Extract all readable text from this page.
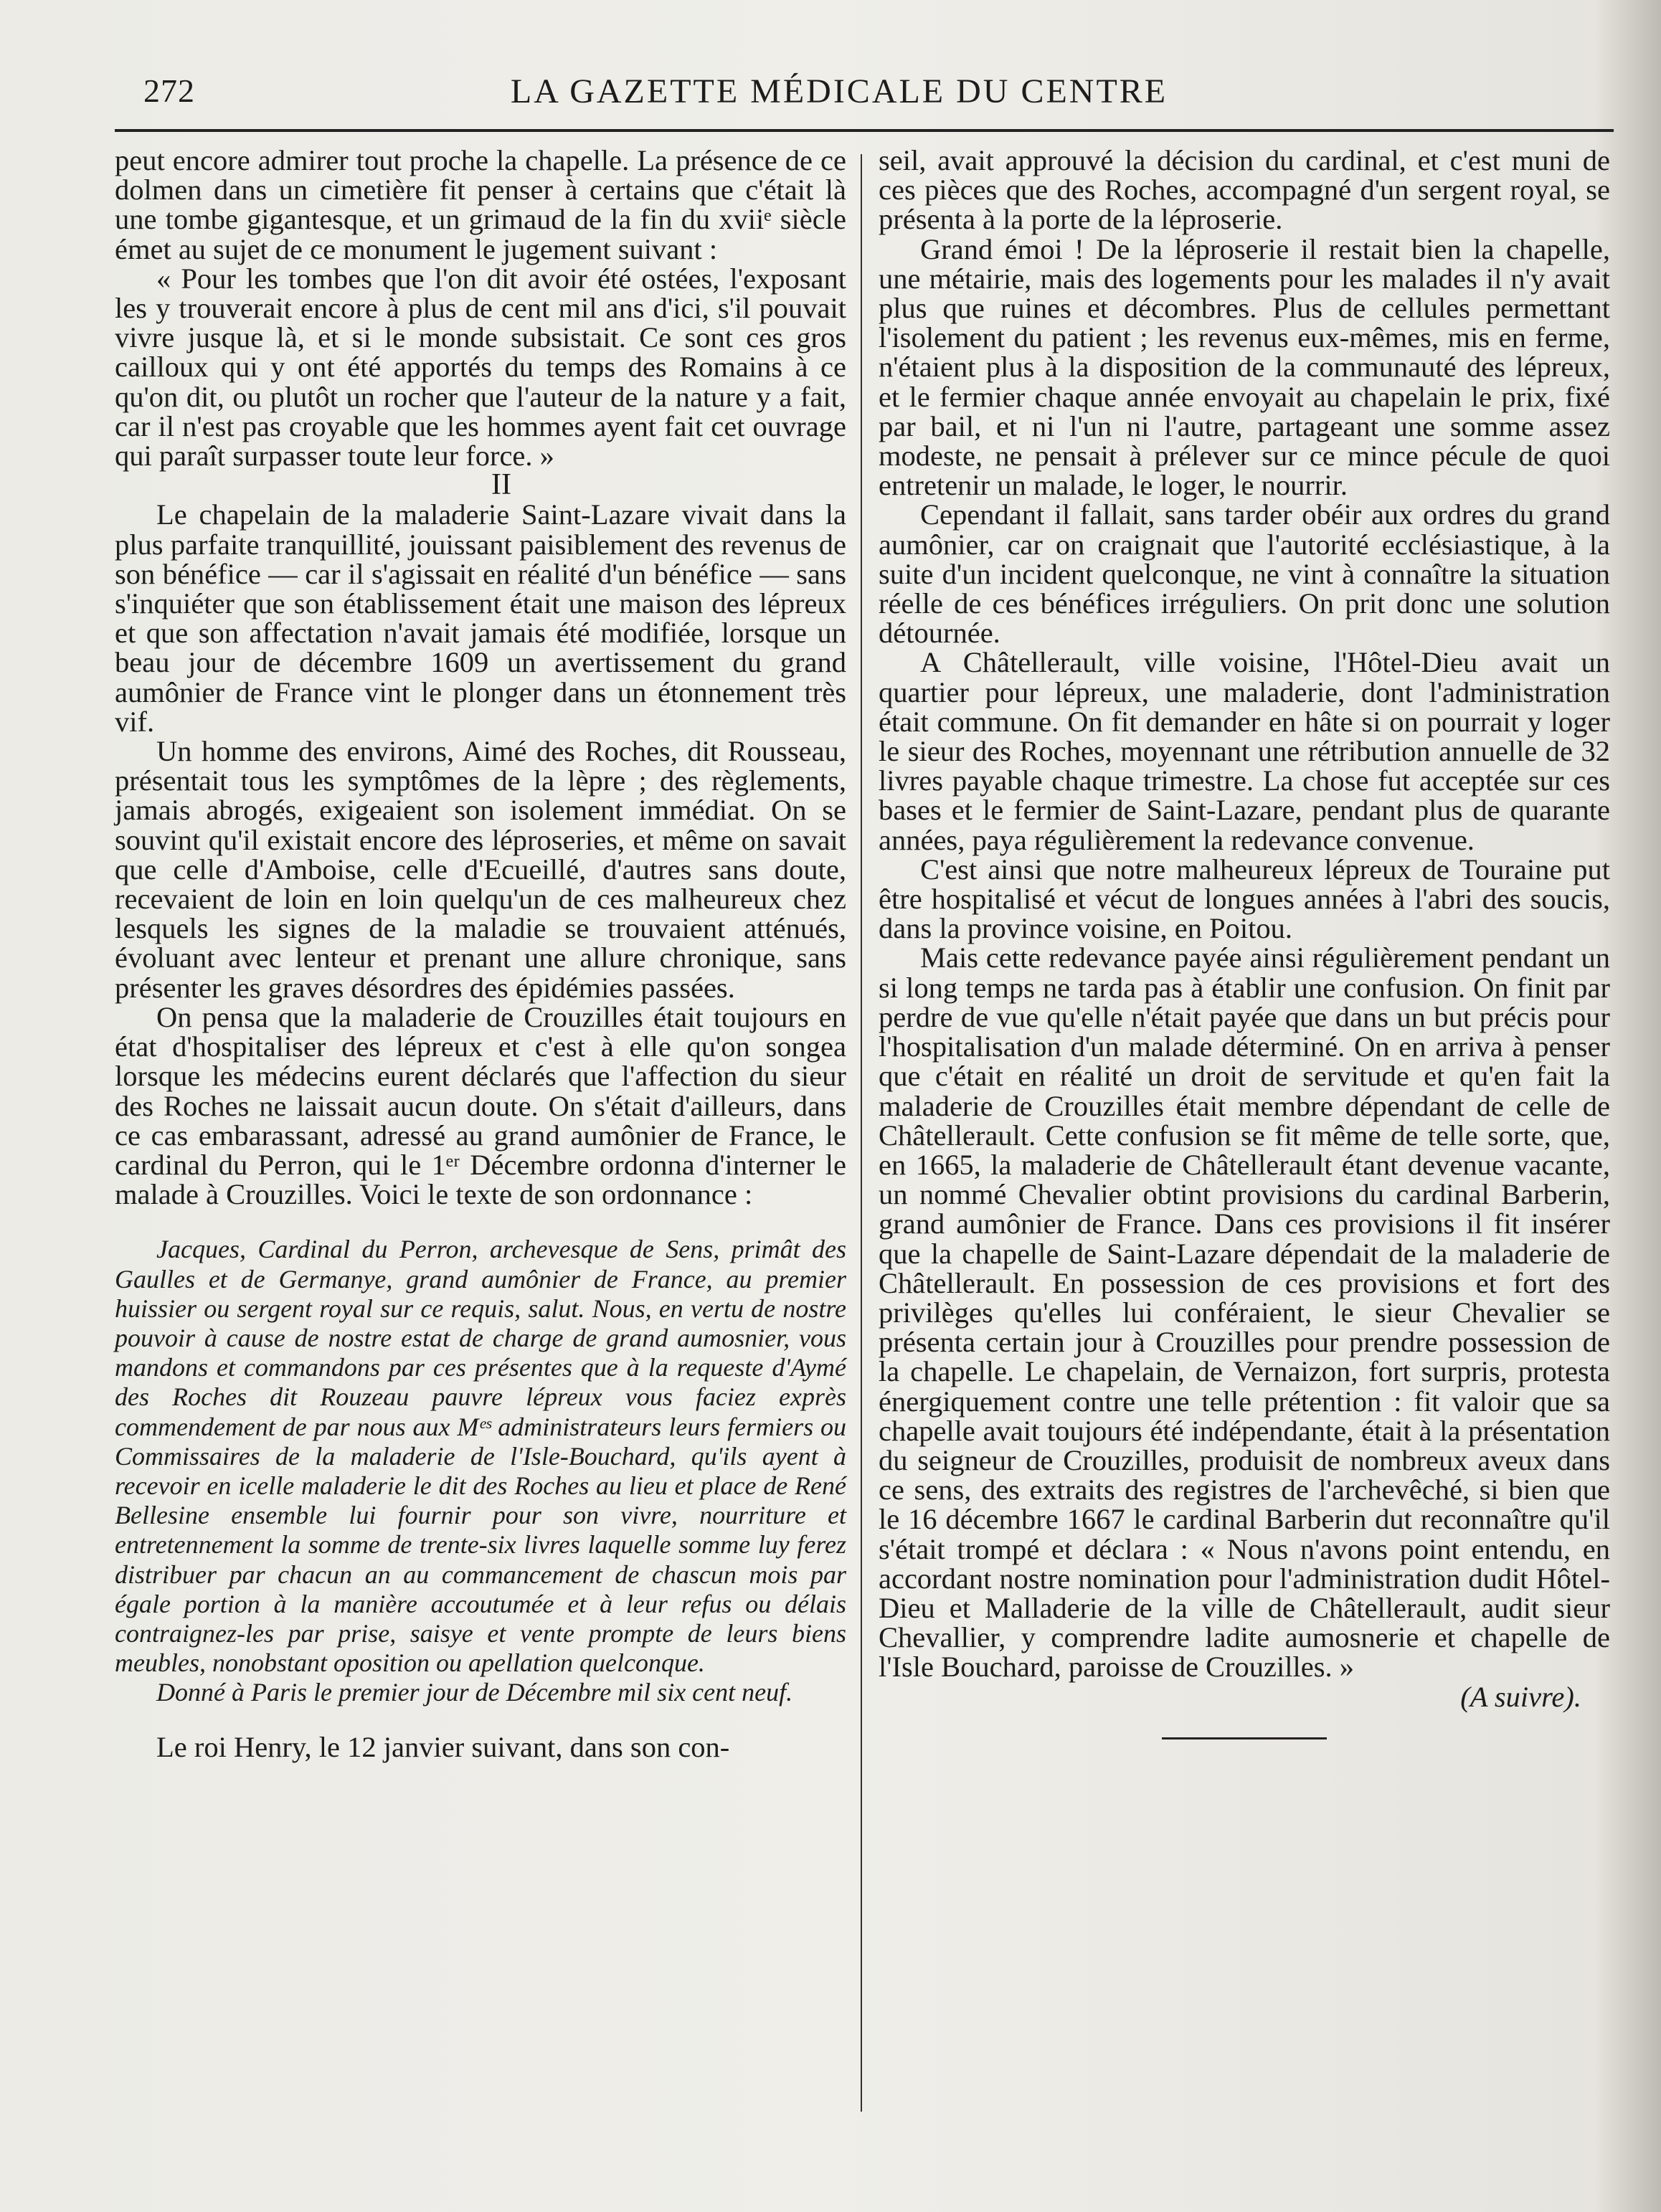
272	LA GAZETTE MÉDICALE DU CENTRE

peut encore admirer tout proche la chapelle. La présence de ce dolmen dans un cimetière fit penser à certains que c'était là une tombe gigantesque, et un grimaud de la fin du xviiᵉ siècle émet au sujet de ce monument le jugement suivant :

« Pour les tombes que l'on dit avoir été ostées, l'exposant les y trouverait encore à plus de cent mil ans d'ici, s'il pouvait vivre jusque là, et si le monde subsistait. Ce sont ces gros cailloux qui y ont été apportés du temps des Romains à ce qu'on dit, ou plutôt un rocher que l'auteur de la nature y a fait, car il n'est pas croyable que les hommes ayent fait cet ouvrage qui paraît surpasser toute leur force. »

II

Le chapelain de la maladerie Saint-Lazare vivait dans la plus parfaite tranquillité, jouissant paisiblement des revenus de son bénéfice — car il s'agissait en réalité d'un bénéfice — sans s'inquiéter que son établissement était une maison des lépreux et que son affectation n'avait jamais été modifiée, lorsque un beau jour de décembre 1609 un avertissement du grand aumônier de France vint le plonger dans un étonnement très vif.

Un homme des environs, Aimé des Roches, dit Rousseau, présentait tous les symptômes de la lèpre ; des règlements, jamais abrogés, exigeaient son isolement immédiat. On se souvint qu'il existait encore des léproseries, et même on savait que celle d'Amboise, celle d'Ecueillé, d'autres sans doute, recevaient de loin en loin quelqu'un de ces malheureux chez lesquels les signes de la maladie se trouvaient atténués, évoluant avec lenteur et prenant une allure chronique, sans présenter les graves désordres des épidémies passées.

On pensa que la maladerie de Crouzilles était toujours en état d'hospitaliser des lépreux et c'est à elle qu'on songea lorsque les médecins eurent déclarés que l'affection du sieur des Roches ne laissait aucun doute. On s'était d'ailleurs, dans ce cas embarassant, adressé au grand aumônier de France, le cardinal du Perron, qui le 1ᵉʳ Décembre ordonna d'interner le malade à Crouzilles. Voici le texte de son ordonnance :

Jacques, Cardinal du Perron, archevesque de Sens, primât des Gaulles et de Germanye, grand aumônier de France, au premier huissier ou sergent royal sur ce requis, salut. Nous, en vertu de nostre pouvoir à cause de nostre estat de charge de grand aumosnier, vous mandons et commandons par ces présentes que à la requeste d'Aymé des Roches dit Rouzeau pauvre lépreux vous faciez exprès commendement de par nous aux Mᵉˢ administrateurs leurs fermiers ou Commissaires de la maladerie de l'Isle-Bouchard, qu'ils ayent à recevoir en icelle maladerie le dit des Roches au lieu et place de René Bellesine ensemble lui fournir pour son vivre, nourriture et entretennement la somme de trente-six livres laquelle somme luy ferez distribuer par chacun an au commancement de chascun mois par égale portion à la manière accoutumée et à leur refus ou délais contraignez-les par prise, saisye et vente prompte de leurs biens meubles, nonobstant oposition ou apellation quelconque.

Donné à Paris le premier jour de Décembre mil six cent neuf.

Le roi Henry, le 12 janvier suivant, dans son con-

seil, avait approuvé la décision du cardinal, et c'est muni de ces pièces que des Roches, accompagné d'un sergent royal, se présenta à la porte de la léproserie.

Grand émoi ! De la léproserie il restait bien la chapelle, une métairie, mais des logements pour les malades il n'y avait plus que ruines et décombres. Plus de cellules permettant l'isolement du patient ; les revenus eux-mêmes, mis en ferme, n'étaient plus à la disposition de la communauté des lépreux, et le fermier chaque année envoyait au chapelain le prix, fixé par bail, et ni l'un ni l'autre, partageant une somme assez modeste, ne pensait à prélever sur ce mince pécule de quoi entretenir un malade, le loger, le nourrir.

Cependant il fallait, sans tarder obéir aux ordres du grand aumônier, car on craignait que l'autorité ecclésiastique, à la suite d'un incident quelconque, ne vint à connaître la situation réelle de ces bénéfices irréguliers. On prit donc une solution détournée.

A Châtellerault, ville voisine, l'Hôtel-Dieu avait un quartier pour lépreux, une maladerie, dont l'administration était commune. On fit demander en hâte si on pourrait y loger le sieur des Roches, moyennant une rétribution annuelle de 32 livres payable chaque trimestre. La chose fut acceptée sur ces bases et le fermier de Saint-Lazare, pendant plus de quarante années, paya régulièrement la redevance convenue.

C'est ainsi que notre malheureux lépreux de Touraine put être hospitalisé et vécut de longues années à l'abri des soucis, dans la province voisine, en Poitou.

Mais cette redevance payée ainsi régulièrement pendant un si long temps ne tarda pas à établir une confusion. On finit par perdre de vue qu'elle n'était payée que dans un but précis pour l'hospitalisation d'un malade déterminé. On en arriva à penser que c'était en réalité un droit de servitude et qu'en fait la maladerie de Crouzilles était membre dépendant de celle de Châtellerault. Cette confusion se fit même de telle sorte, que, en 1665, la maladerie de Châtellerault étant devenue vacante, un nommé Chevalier obtint provisions du cardinal Barberin, grand aumônier de France. Dans ces provisions il fit insérer que la chapelle de Saint-Lazare dépendait de la maladerie de Châtellerault. En possession de ces provisions et fort des privilèges qu'elles lui conféraient, le sieur Chevalier se présenta certain jour à Crouzilles pour prendre possession de la chapelle. Le chapelain, de Vernaizon, fort surpris, protesta énergiquement contre une telle prétention : fit valoir que sa chapelle avait toujours été indépendante, était à la présentation du seigneur de Crouzilles, produisit de nombreux aveux dans ce sens, des extraits des registres de l'archevêché, si bien que le 16 décembre 1667 le cardinal Barberin dut reconnaître qu'il s'était trompé et déclara : « Nous n'avons point entendu, en accordant nostre nomination pour l'administration dudit Hôtel-Dieu et Malladerie de la ville de Châtellerault, audit sieur Chevallier, y comprendre ladite aumosnerie et chapelle de l'Isle Bouchard, paroisse de Crouzilles. »

(A suivre).
